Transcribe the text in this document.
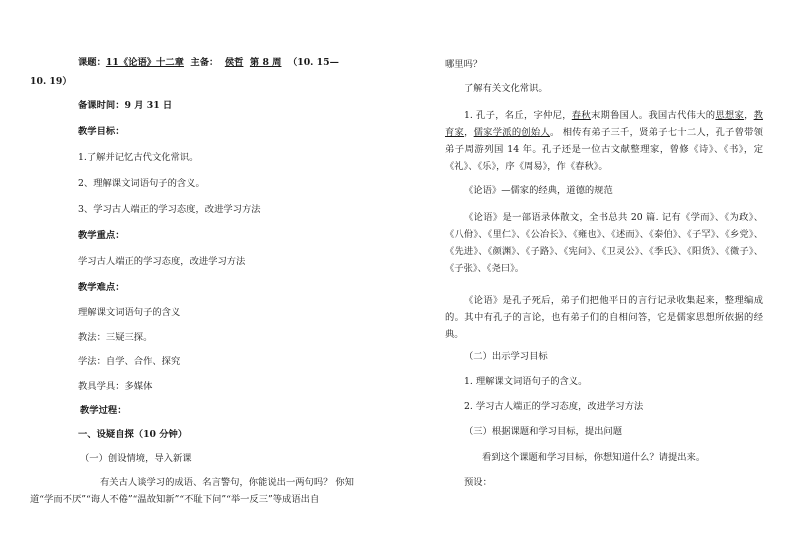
课题：11《论语》十二章 主备： 侯哲 第 8 周 （10. 15—
10. 19）
备课时间：9 月 31 日
教学目标：
1.了解并记忆古代文化常识。
2、理解课文词语句子的含义。
3、学习古人端正的学习态度，改进学习方法
教学重点：
学习古人端正的学习态度，改进学习方法
教学难点：
理解课文词语句子的含义
教法：三疑三探。
学法：自学、合作、探究
教具学具：多媒体
教学过程：
一、设疑自探（10 分钟）
（一）创设情境，导入新课
有关古人谈学习的成语、名言警句，你能说出一两句吗？ 你知
道“学而不厌”“诲人不倦”“温故知新”“不耻下问”“举一反三”等成语出自
哪里吗？
了解有关文化常识。
1. 孔子，名丘，字仲尼，春秋末期鲁国人。我国古代伟大的思想家，教育家，儒家学派的创始人。 相传有弟子三千，贤弟子七十二人，孔子曾带领弟子周游列国 14 年。孔子还是一位古文献整理家，曾修《诗》、《书》，定《礼》、《乐》，序《周易》，作《春秋》。
《论语》—儒家的经典，道德的规范
《论语》是一部语录体散文，全书总共 20 篇. 记有《学而》、《为政》、《八佾》、《里仁》、《公冶长》、《雍也》、《述而》、《泰伯》、《子罕》、《乡党》、《先进》、《颜渊》、《子路》、《宪问》、《卫灵公》、《季氏》、《阳货》、《微子》、《子张》、《尧曰》。
《论语》是孔子死后，弟子们把他平日的言行记录收集起来，整理编成的。其中有孔子的言论，也有弟子们的自相问答，它是儒家思想所依据的经典。
（二）出示学习目标
1. 理解课文词语句子的含义。
2. 学习古人端正的学习态度，改进学习方法
（三）根据课题和学习目标，提出问题
看到这个课题和学习目标，你想知道什么？请提出来。
预设：
